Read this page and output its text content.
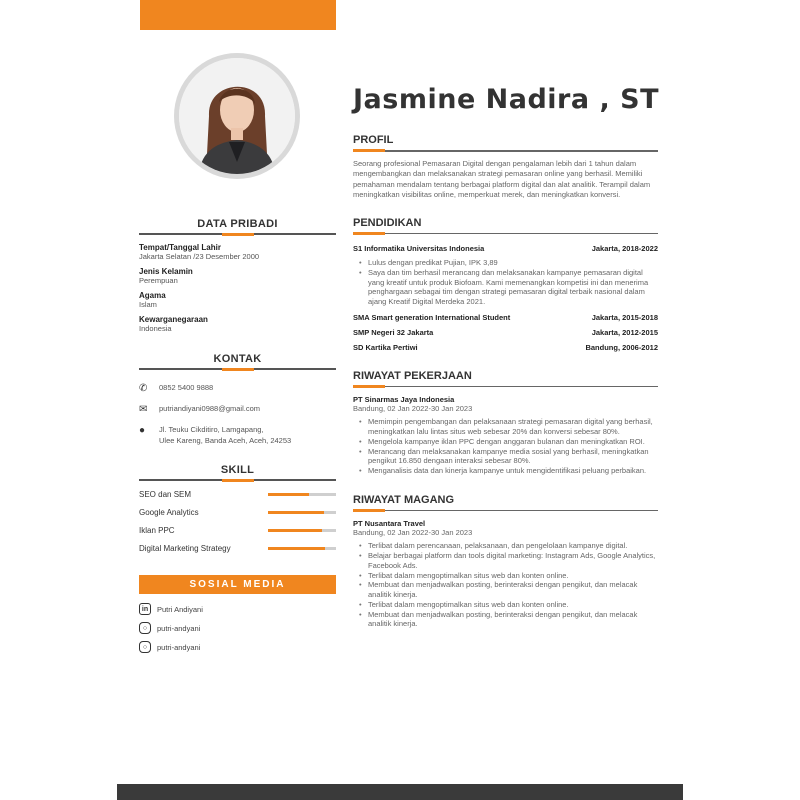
Jasmine Nadira , ST
DATA PRIBADI
Tempat/Tanggal Lahir
Jakarta Selatan /23 Desember 2000
Jenis Kelamin
Perempuan
Agama
Islam
Kewarganegaraan
Indonesia
KONTAK
✆	0852 5400 9888
✉	putriandiyani0988@gmail.com
●	Jl. Teuku Cikditiro, Lamgapang,
Ulee Kareng, Banda Aceh, Aceh, 24253
SKILL
SEO dan SEM
Google Analytics
Iklan PPC
Digital Marketing Strategy
SOSIAL MEDIA
in	Putri Andiyani
○	putri-andyani
○	putri-andyani
PROFIL

Seorang profesional Pemasaran Digital dengan pengalaman lebih dari 1 tahun dalam mengembangkan dan melaksanakan strategi pemasaran online yang berhasil. Memiliki pemahaman mendalam tentang berbagai platform digital dan alat analitik. Terampil dalam meningkatkan visibilitas online, memperkuat merek, dan meningkatkan konversi.

PENDIDIKAN
S1 Informatika Universitas Indonesia	Jakarta, 2018-2022
• Lulus dengan predikat Pujian, IPK 3,89
• Saya dan tim berhasil merancang dan melaksanakan kampanye pemasaran digital yang kreatif untuk produk Biofoam. Kami memenangkan kompetisi ini dan menerima penghargaan sebagai tim dengan strategi pemasaran digital terbaik nasional dalam ajang Kreatif Digital Merdeka 2021.
SMA Smart generation International Student	Jakarta, 2015-2018
SMP Negeri 32 Jakarta	Jakarta, 2012-2015
SD Kartika Pertiwi	Bandung, 2006-2012
RIWAYAT PEKERJAAN
PT Sinarmas Jaya Indonesia
Bandung, 02 Jan 2022-30 Jan 2023
• Memimpin pengembangan dan pelaksanaan strategi pemasaran digital yang berhasil, meningkatkan lalu lintas situs web sebesar 20% dan konversi sebesar 80%.
• Mengelola kampanye iklan PPC dengan anggaran bulanan dan meningkatkan ROI.
• Merancang dan melaksanakan kampanye media sosial yang berhasil, meningkatkan pengikut 16.850 dengaan interaksi sebesar 80%.
• Menganalisis data dan kinerja kampanye untuk mengidentifikasi peluang perbaikan.
RIWAYAT MAGANG
PT Nusantara Travel
Bandung, 02 Jan 2022-30 Jan 2023
• Terlibat dalam perencanaan, pelaksanaan, dan pengelolaan kampanye digital.
• Belajar berbagai platform dan tools digital marketing: Instagram Ads, Google Analytics, Facebook Ads.
• Terlibat dalam mengoptimalkan situs web dan konten online.
• Membuat dan menjadwalkan posting, berinteraksi dengan pengikut, dan melacak analitik kinerja.
• Terlibat dalam mengoptimalkan situs web dan konten online.
• Membuat dan menjadwalkan posting, berinteraksi dengan pengikut, dan melacak analitik kinerja.
